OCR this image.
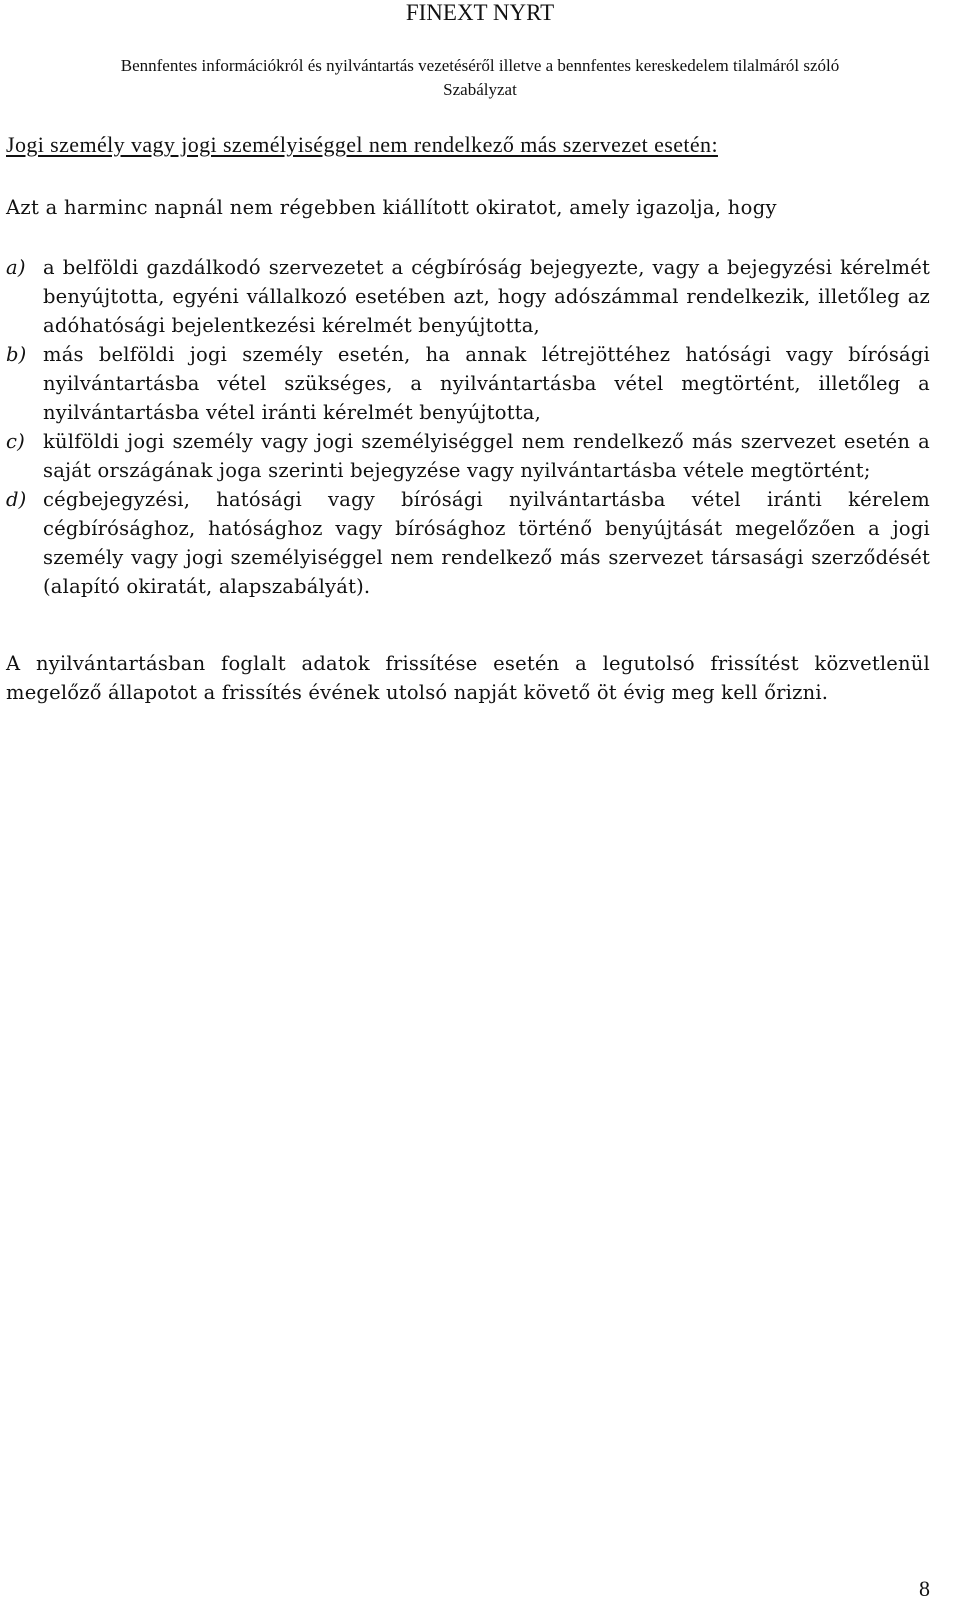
FINEXT NYRT
Bennfentes információkról és nyilvántartás vezetéséről illetve a bennfentes kereskedelem tilalmáról szóló
Szabályzat
Jogi személy vagy jogi személyiséggel nem rendelkező más szervezet esetén:
Azt a harminc napnál nem régebben kiállított okiratot, amely igazolja, hogy
a) a belföldi gazdálkodó szervezetet a cégbíróság bejegyezte, vagy a bejegyzési kérelmét benyújtotta, egyéni vállalkozó esetében azt, hogy adószámmal rendelkezik, illetőleg az adóhatósági bejelentkezési kérelmét benyújtotta,
b) más belföldi jogi személy esetén, ha annak létrejöttéhez hatósági vagy bírósági nyilvántartásba vétel szükséges, a nyilvántartásba vétel megtörtént, illetőleg a nyilvántartásba vétel iránti kérelmét benyújtotta,
c) külföldi jogi személy vagy jogi személyiséggel nem rendelkező más szervezet esetén a saját országának joga szerinti bejegyzése vagy nyilvántartásba vétele megtörtént;
d) cégbejegyzési, hatósági vagy bírósági nyilvántartásba vétel iránti kérelem cégbírósághoz, hatósághoz vagy bírósághoz történő benyújtását megelőzően a jogi személy vagy jogi személyiséggel nem rendelkező más szervezet társasági szerződését (alapító okiratát, alapszabályát).
A nyilvántartásban foglalt adatok frissítése esetén a legutolsó frissítést közvetlenül megelőző állapotot a frissítés évének utolsó napját követő öt évig meg kell őrizni.
8
